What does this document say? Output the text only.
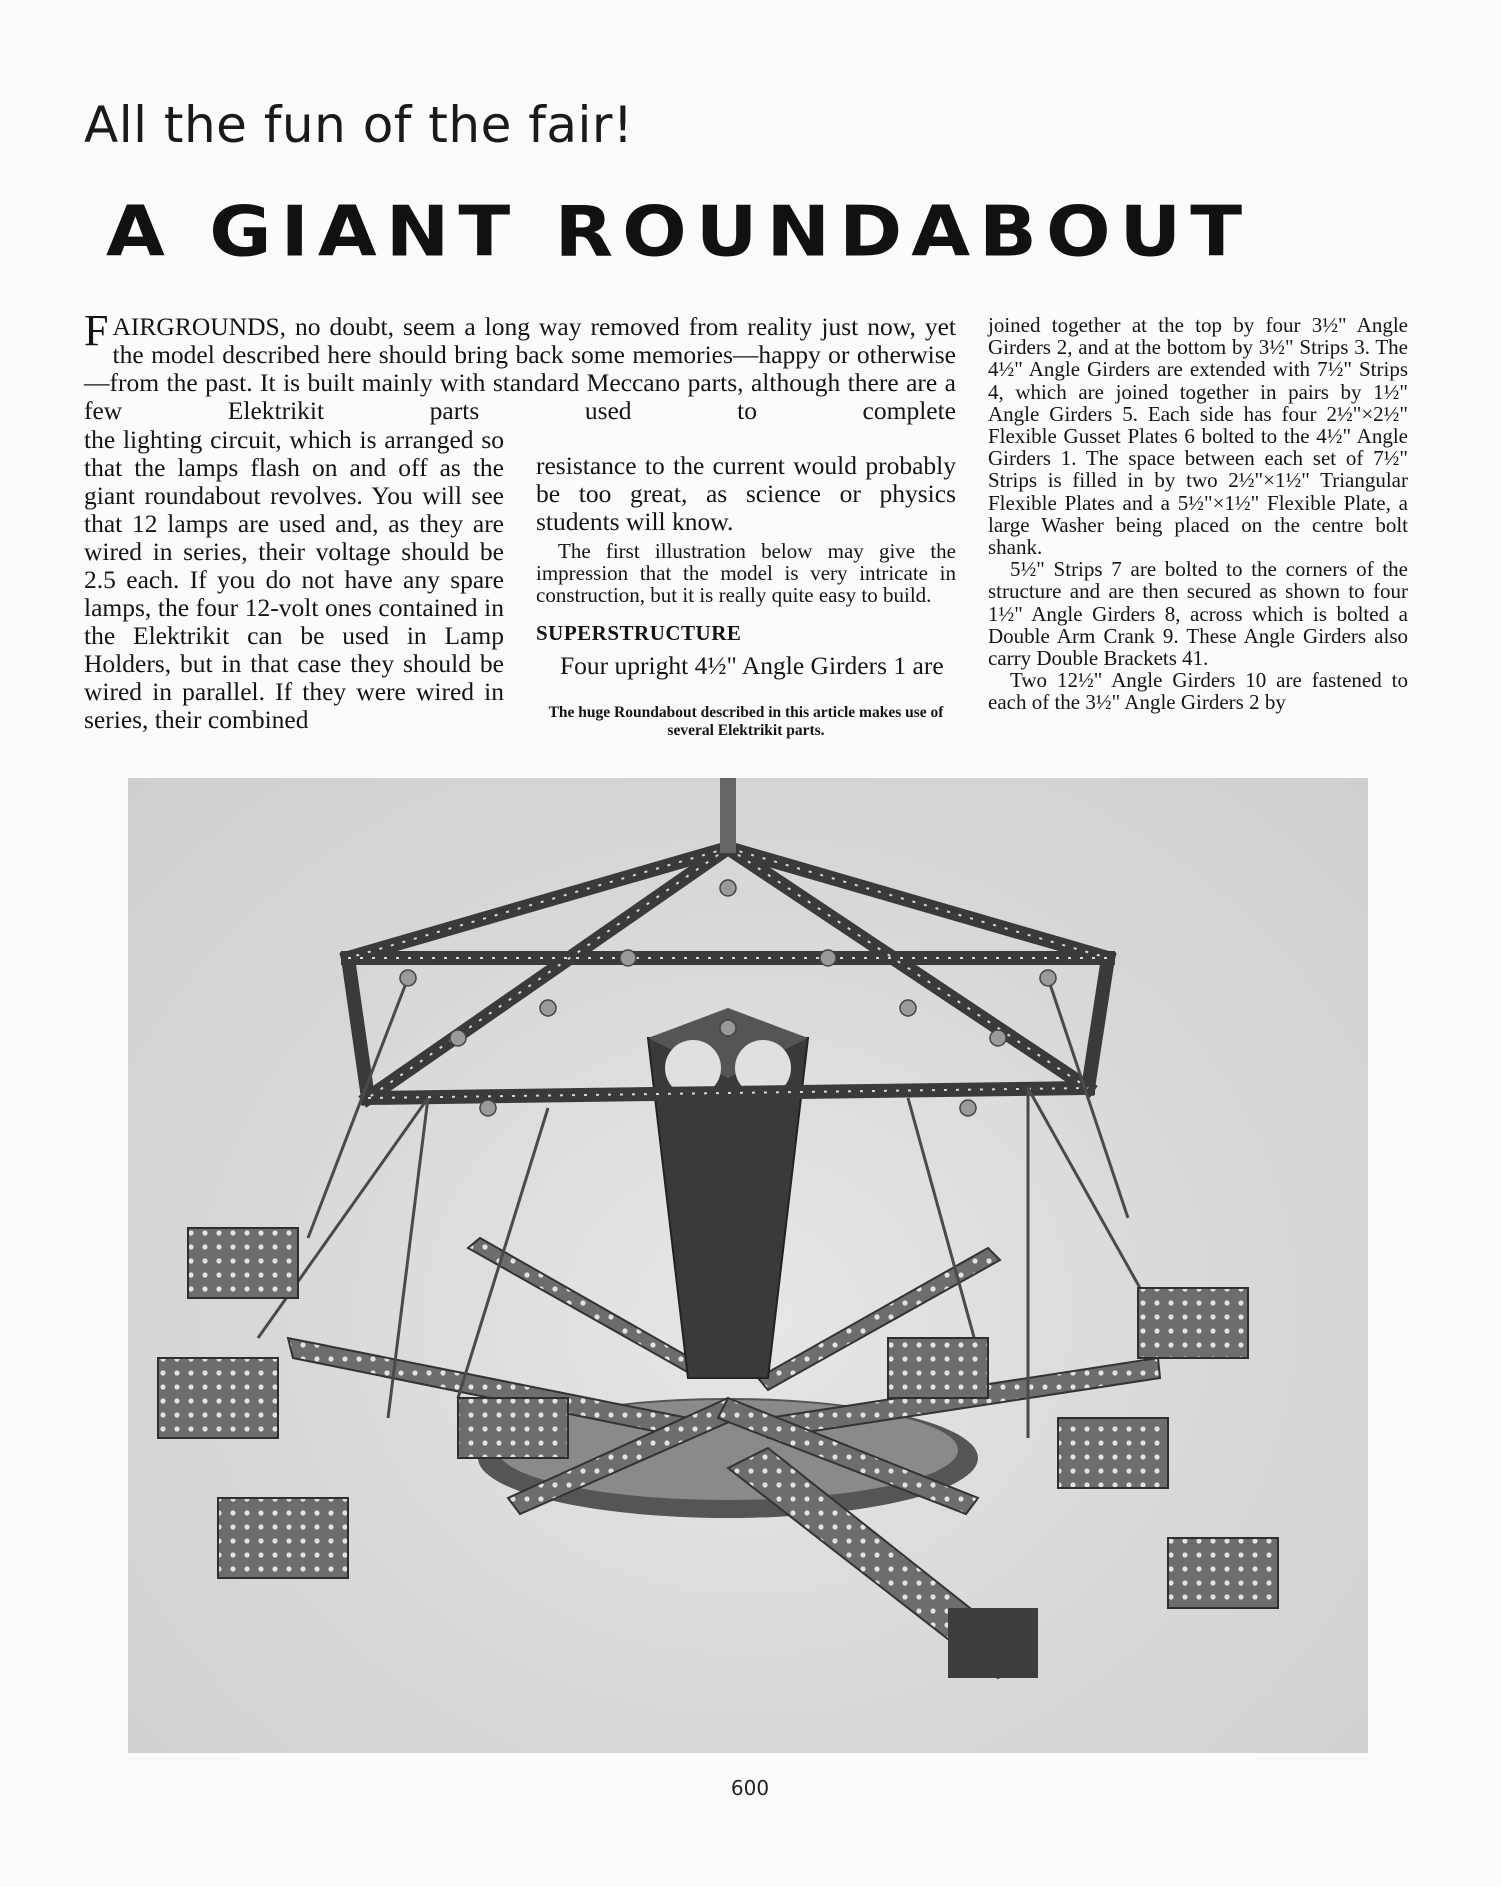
All the fun of the fair!
A GIANT ROUNDABOUT
FAIRGROUNDS, no doubt, seem a long way removed from reality just now, yet the model described here should bring back some memories—happy or otherwise—from the past. It is built mainly with standard Meccano parts, although there are a few Elektrikit parts used to complete

the lighting circuit, which is arranged so that the lamps flash on and off as the giant roundabout revolves. You will see that 12 lamps are used and, as they are wired in series, their voltage should be 2.5 each. If you do not have any spare lamps, the four 12-volt ones contained in the Elektrikit can be used in Lamp Holders, but in that case they should be wired in parallel. If they were wired in series, their combined

resistance to the current would probably be too great, as science or physics students will know.

The first illustration below may give the impression that the model is very intricate in construction, but it is really quite easy to build.

SUPERSTRUCTURE

Four upright 4½" Angle Girders 1 are

The huge Roundabout described in this article makes use of several Elektrikit parts.

joined together at the top by four 3½" Angle Girders 2, and at the bottom by 3½" Strips 3. The 4½" Angle Girders are extended with 7½" Strips 4, which are joined together in pairs by 1½" Angle Girders 5. Each side has four 2½"×2½" Flexible Gusset Plates 6 bolted to the 4½" Angle Girders 1. The space between each set of 7½" Strips is filled in by two 2½"×1½" Triangular Flexible Plates and a 5½"×1½" Flexible Plate, a large Washer being placed on the centre bolt shank.

5½" Strips 7 are bolted to the corners of the structure and are then secured as shown to four 1½" Angle Girders 8, across which is bolted a Double Arm Crank 9. These Angle Girders also carry Double Brackets 41.

Two 12½" Angle Girders 10 are fastened to each of the 3½" Angle Girders 2 by

600
